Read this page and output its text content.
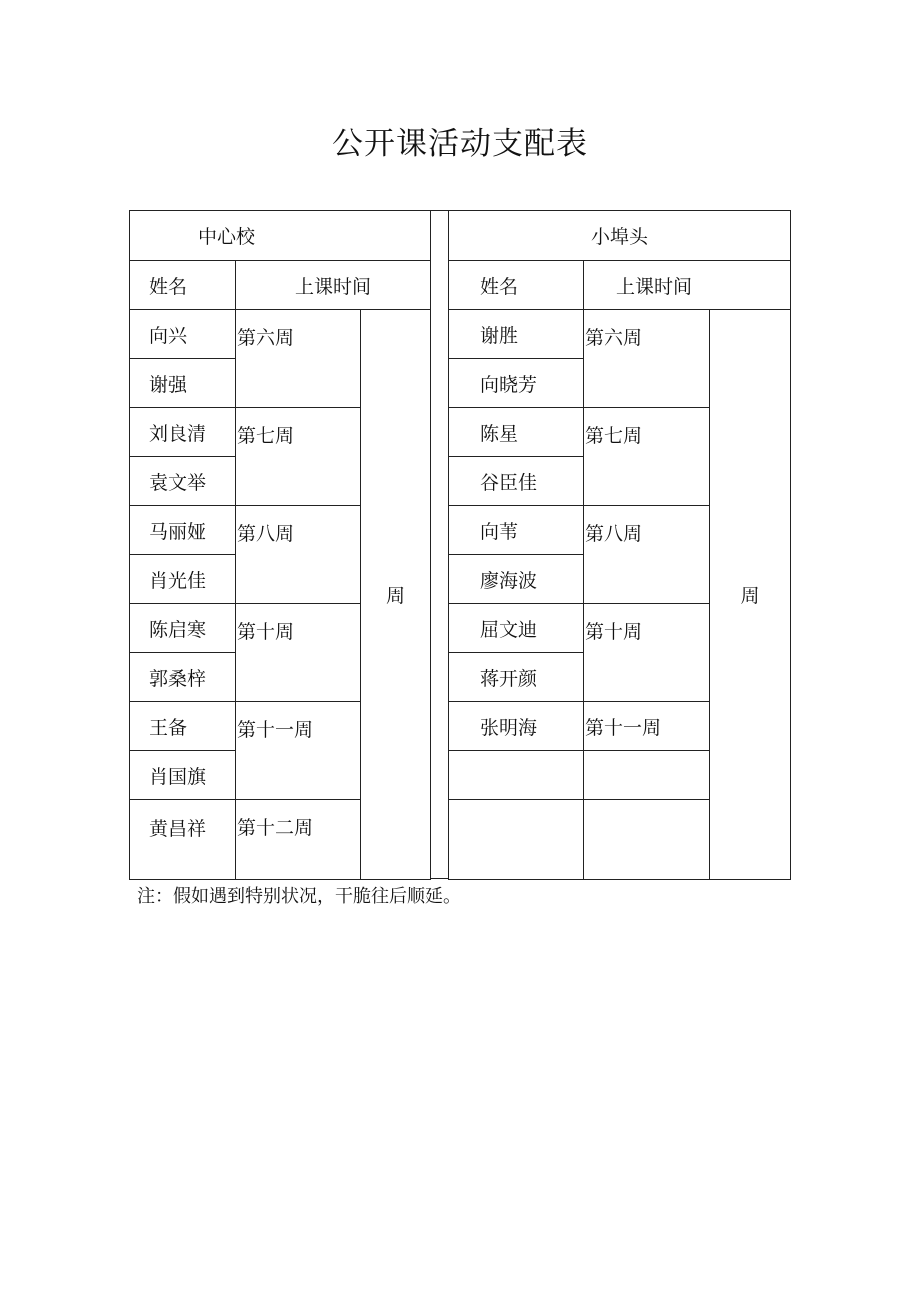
公开课活动支配表
中心校		
姓名	上课时间	
向兴	第六周	周
谢强		
刘良清	第七周	
袁文举		
马丽娅	第八周	
肖光佳		
陈启寒	第十周	
郭桑梓		
王备	第十一周	
肖国旗		
黄昌祥	第十二周	
小埠头		
姓名	上课时间	
谢胜	第六周	周
向晓芳		
陈星	第七周	
谷臣佳		
向苇	第八周	
廖海波		
屈文迪	第十周	
蒋开颜		
张明海	第十一周	

注：假如遇到特别状况，干脆往后顺延。
